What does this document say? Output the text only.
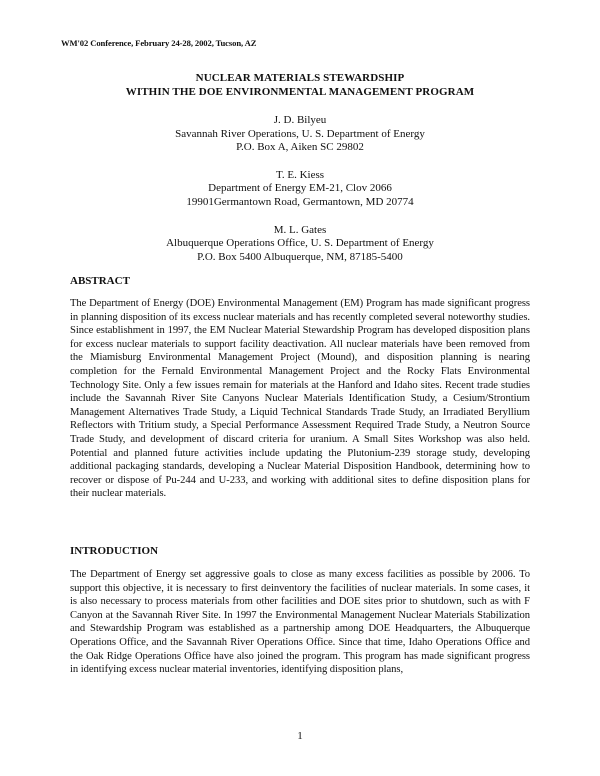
WM'02 Conference, February 24-28, 2002, Tucson, AZ
NUCLEAR MATERIALS STEWARDSHIP
WITHIN THE DOE ENVIRONMENTAL MANAGEMENT PROGRAM
J. D. Bilyeu
Savannah River Operations, U. S. Department of Energy
P.O. Box A, Aiken SC 29802
T. E. Kiess
Department of Energy EM-21, Clov 2066
19901Germantown Road, Germantown, MD 20774
M. L. Gates
Albuquerque Operations Office, U. S. Department of Energy
P.O. Box 5400 Albuquerque, NM, 87185-5400
ABSTRACT
The Department of Energy (DOE) Environmental Management (EM) Program has made significant progress in planning disposition of its excess nuclear materials and has recently completed several noteworthy studies. Since establishment in 1997, the EM Nuclear Material Stewardship Program has developed disposition plans for excess nuclear materials to support facility deactivation. All nuclear materials have been removed from the Miamisburg Environmental Management Project (Mound), and disposition planning is nearing completion for the Fernald Environmental Management Project and the Rocky Flats Environmental Technology Site. Only a few issues remain for materials at the Hanford and Idaho sites. Recent trade studies include the Savannah River Site Canyons Nuclear Materials Identification Study, a Cesium/Strontium Management Alternatives Trade Study, a Liquid Technical Standards Trade Study, an Irradiated Beryllium Reflectors with Tritium study, a Special Performance Assessment Required Trade Study, a Neutron Source Trade Study, and development of discard criteria for uranium. A Small Sites Workshop was also held. Potential and planned future activities include updating the Plutonium-239 storage study, developing additional packaging standards, developing a Nuclear Material Disposition Handbook, determining how to recover or dispose of Pu-244 and U-233, and working with additional sites to define disposition plans for their nuclear materials.
INTRODUCTION
The Department of Energy set aggressive goals to close as many excess facilities as possible by 2006. To support this objective, it is necessary to first deinventory the facilities of nuclear materials. In some cases, it is also necessary to process materials from other facilities and DOE sites prior to shutdown, such as with F Canyon at the Savannah River Site. In 1997 the Environmental Management Nuclear Materials Stabilization and Stewardship Program was established as a partnership among DOE Headquarters, the Albuquerque Operations Office, and the Savannah River Operations Office. Since that time, Idaho Operations Office and the Oak Ridge Operations Office have also joined the program. This program has made significant progress in identifying excess nuclear material inventories, identifying disposition plans,
1
